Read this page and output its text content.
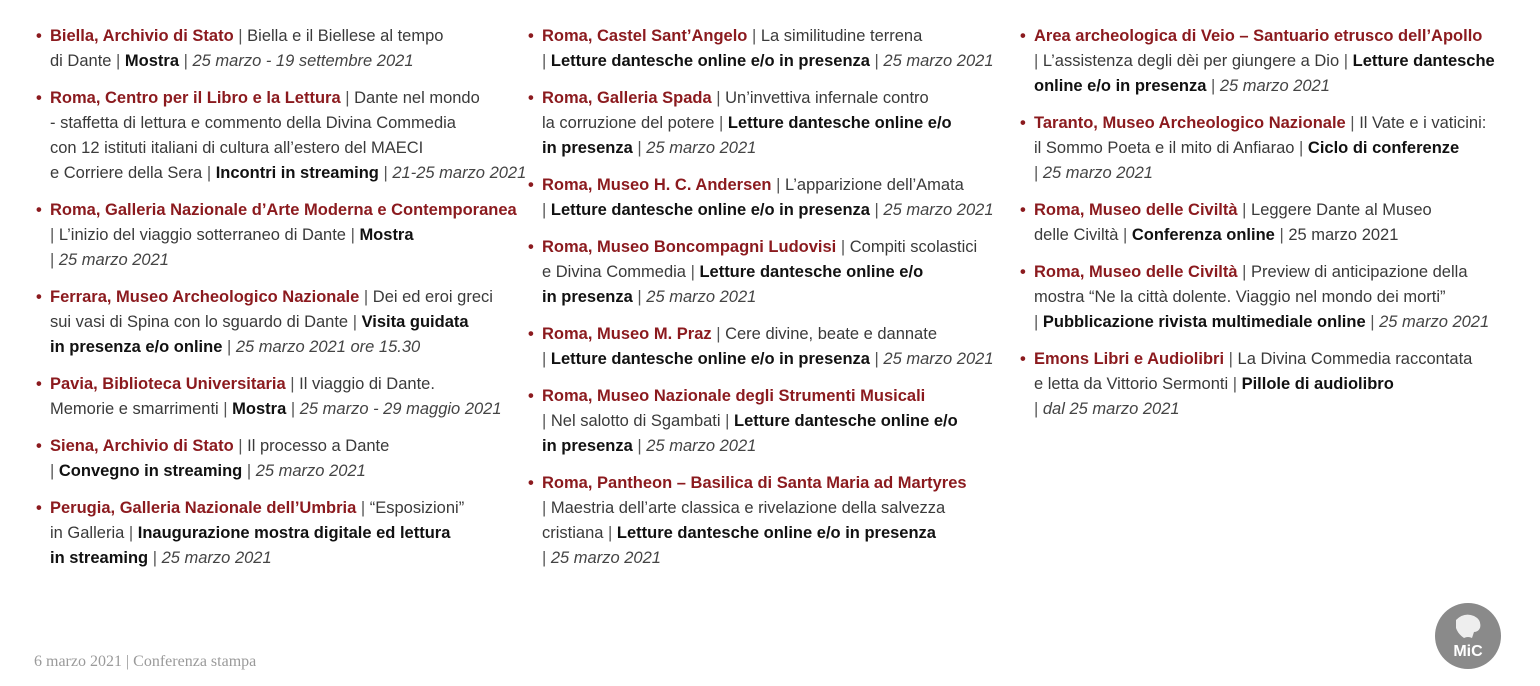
• Biella, Archivio di Stato | Biella e il Biellese al tempo
di Dante | Mostra | 25 marzo - 19 settembre 2021
• Roma, Centro per il Libro e la Lettura | Dante nel mondo
- staffetta di lettura e commento della Divina Commedia
con 12 istituti italiani di cultura all’estero del MAECI
e Corriere della Sera | Incontri in streaming | 21-25 marzo 2021
• Roma, Galleria Nazionale d’Arte Moderna e Contemporanea
| L’inizio del viaggio sotterraneo di Dante | Mostra
| 25 marzo 2021
• Ferrara, Museo Archeologico Nazionale | Dei ed eroi greci
sui vasi di Spina con lo sguardo di Dante | Visita guidata
in presenza e/o online | 25 marzo 2021 ore 15.30
• Pavia, Biblioteca Universitaria | Il viaggio di Dante.
Memorie e smarrimenti | Mostra | 25 marzo - 29 maggio 2021
• Siena, Archivio di Stato | Il processo a Dante
| Convegno in streaming | 25 marzo 2021
• Perugia, Galleria Nazionale dell’Umbria | “Esposizioni”
in Galleria | Inaugurazione mostra digitale ed lettura
in streaming | 25 marzo 2021
• Roma, Castel Sant’Angelo | La similitudine terrena
| Letture dantesche online e/o in presenza | 25 marzo 2021
• Roma, Galleria Spada | Un’invettiva infernale contro
la corruzione del potere | Letture dantesche online e/o
in presenza | 25 marzo 2021
• Roma, Museo H. C. Andersen | L’apparizione dell’Amata
| Letture dantesche online e/o in presenza | 25 marzo 2021
• Roma, Museo Boncompagni Ludovisi | Compiti scolastici
e Divina Commedia | Letture dantesche online e/o
in presenza | 25 marzo 2021
• Roma, Museo M. Praz | Cere divine, beate e dannate
| Letture dantesche online e/o in presenza | 25 marzo 2021
• Roma, Museo Nazionale degli Strumenti Musicali
| Nel salotto di Sgambati | Letture dantesche online e/o
in presenza | 25 marzo 2021
• Roma, Pantheon – Basilica di Santa Maria ad Martyres
| Maestria dell’arte classica e rivelazione della salvezza
cristiana | Letture dantesche online e/o in presenza
| 25 marzo 2021
• Area archeologica di Veio – Santuario etrusco dell’Apollo
| L’assistenza degli dèi per giungere a Dio | Letture dantesche
online e/o in presenza | 25 marzo 2021
• Taranto, Museo Archeologico Nazionale | Il Vate e i vaticini:
il Sommo Poeta e il mito di Anfiarao | Ciclo di conferenze
| 25 marzo 2021
• Roma, Museo delle Civiltà | Leggere Dante al Museo
delle Civiltà | Conferenza online | 25 marzo 2021
• Roma, Museo delle Civiltà | Preview di anticipazione della
mostra “Ne la città dolente. Viaggio nel mondo dei morti”
| Pubblicazione rivista multimediale online | 25 marzo 2021
• Emons Libri e Audiolibri | La Divina Commedia raccontata
e letta da Vittorio Sermonti | Pillole di audiolibro
| dal 25 marzo 2021
6 marzo 2021 | Conferenza stampa
MiC
